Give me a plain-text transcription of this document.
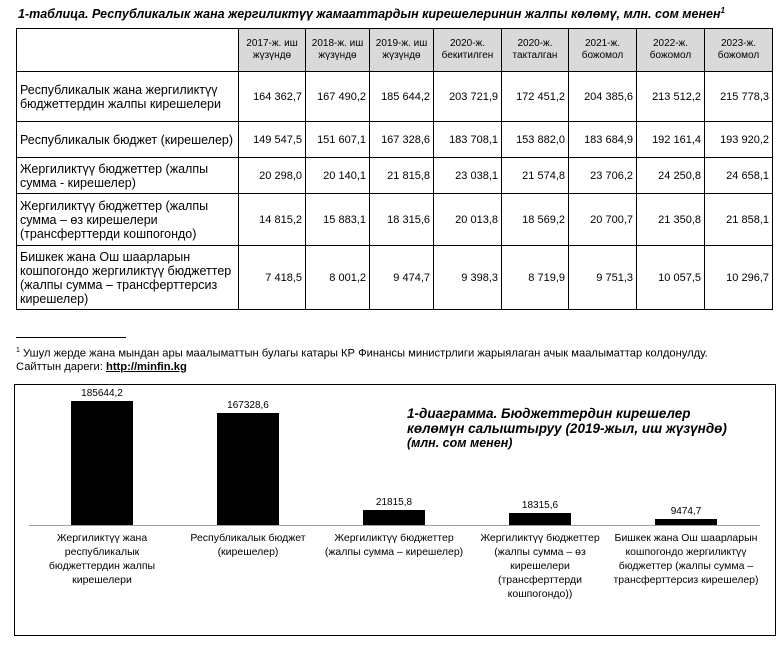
1-таблица. Республикалык жана жергиликтүү жамааттардын кирешелеринин жалпы көлөмү, млн. сом менен$^1$
	2017-ж. иш жүзүндө	2018-ж. иш жүзүндө	2019-ж. иш жүзүндө	2020-ж. бекитилген	2020-ж. такталган	2021-ж. божомол	2022-ж. божомол	2023-ж. божомол
Республикалык жана жергиликтүү бюджеттердин жалпы кирешелери	164 362,7	167 490,2	185 644,2	203 721,9	172 451,2	204 385,6	213 512,2	215 778,3
Республикалык бюджет (кирешелер)	149 547,5	151 607,1	167 328,6	183 708,1	153 882,0	183 684,9	192 161,4	193 920,2
Жергиликтүү бюджеттер (жалпы сумма - кирешелер)	20 298,0	20 140,1	21 815,8	23 038,1	21 574,8	23 706,2	24 250,8	24 658,1
Жергиликтүү бюджеттер (жалпы сумма – өз кирешелери (трансферттерди кошпогондо)	14 815,2	15 883,1	18 315,6	20 013,8	18 569,2	20 700,7	21 350,8	21 858,1
Бишкек жана Ош шаарларын кошпогондо жергиликтүү бюджеттер (жалпы сумма – трансферттерсиз кирешелер)	7 418,5	8 001,2	9 474,7	9 398,3	8 719,9	9 751,3	10 057,5	10 296,7
$^1$ Ушул жерде жана мындан ары маалыматтын булагы катары КР Финансы министрлиги жарыялаган ачык маалыматтар колдонулду.
Сайттын дареги: http://minfin.kg
1-диаграмма. Бюджеттердин кирешелер
көлөмүн салыштыруу (2019-жыл, иш жүзүндө)
(млн. сом менен)
185644,2
Жергиликтүү жана республикалык бюджеттердин жалпы кирешелери
167328,6
Республикалык бюджет (кирешелер)
21815,8
Жергиликтүү бюджеттер (жалпы сумма – кирешелер)
18315,6
Жергиликтүү бюджеттер (жалпы сумма – өз кирешелери (трансферттерди кошпогондо))
9474,7
Бишкек жана Ош шаарларын кошпогондо жергиликтүү бюджеттер (жалпы сумма – трансферттерсиз кирешелер)
